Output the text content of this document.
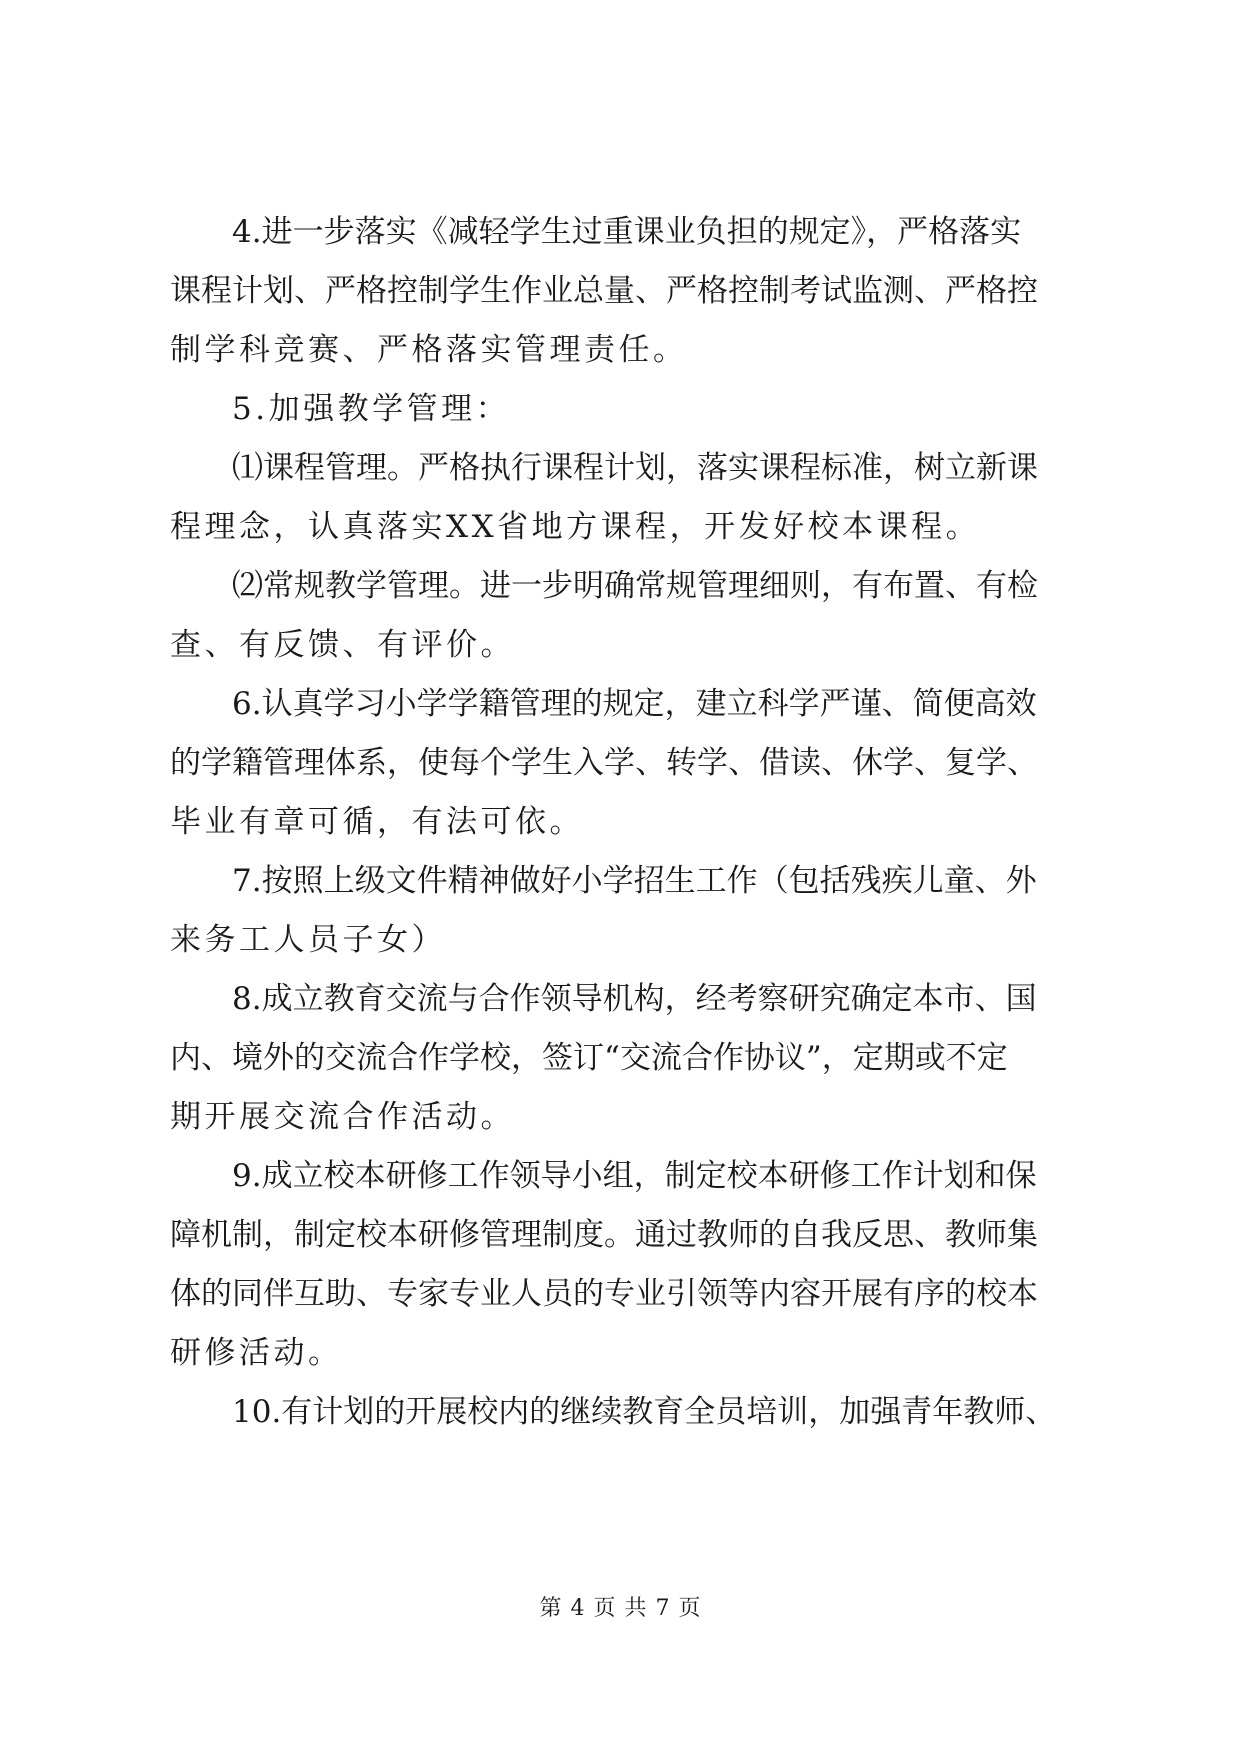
4.进一步落实《减轻学生过重课业负担的规定》，严格落实
课程计划、严格控制学生作业总量、严格控制考试监测、严格控
制学科竞赛、严格落实管理责任。
5.加强教学管理：
⑴课程管理。严格执行课程计划，落实课程标准，树立新课
程理念，认真落实XX省地方课程，开发好校本课程。
⑵常规教学管理。进一步明确常规管理细则，有布置、有检
查、有反馈、有评价。
6.认真学习小学学籍管理的规定，建立科学严谨、简便高效
的学籍管理体系，使每个学生入学、转学、借读、休学、复学、
毕业有章可循，有法可依。
7.按照上级文件精神做好小学招生工作（包括残疾儿童、外
来务工人员子女）
8.成立教育交流与合作领导机构，经考察研究确定本市、国
内、境外的交流合作学校，签订“交流合作协议”，定期或不定
期开展交流合作活动。
9.成立校本研修工作领导小组，制定校本研修工作计划和保
障机制，制定校本研修管理制度。通过教师的自我反思、教师集
体的同伴互助、专家专业人员的专业引领等内容开展有序的校本
研修活动。
10.有计划的开展校内的继续教育全员培训，加强青年教师、
第 4 页 共 7 页
